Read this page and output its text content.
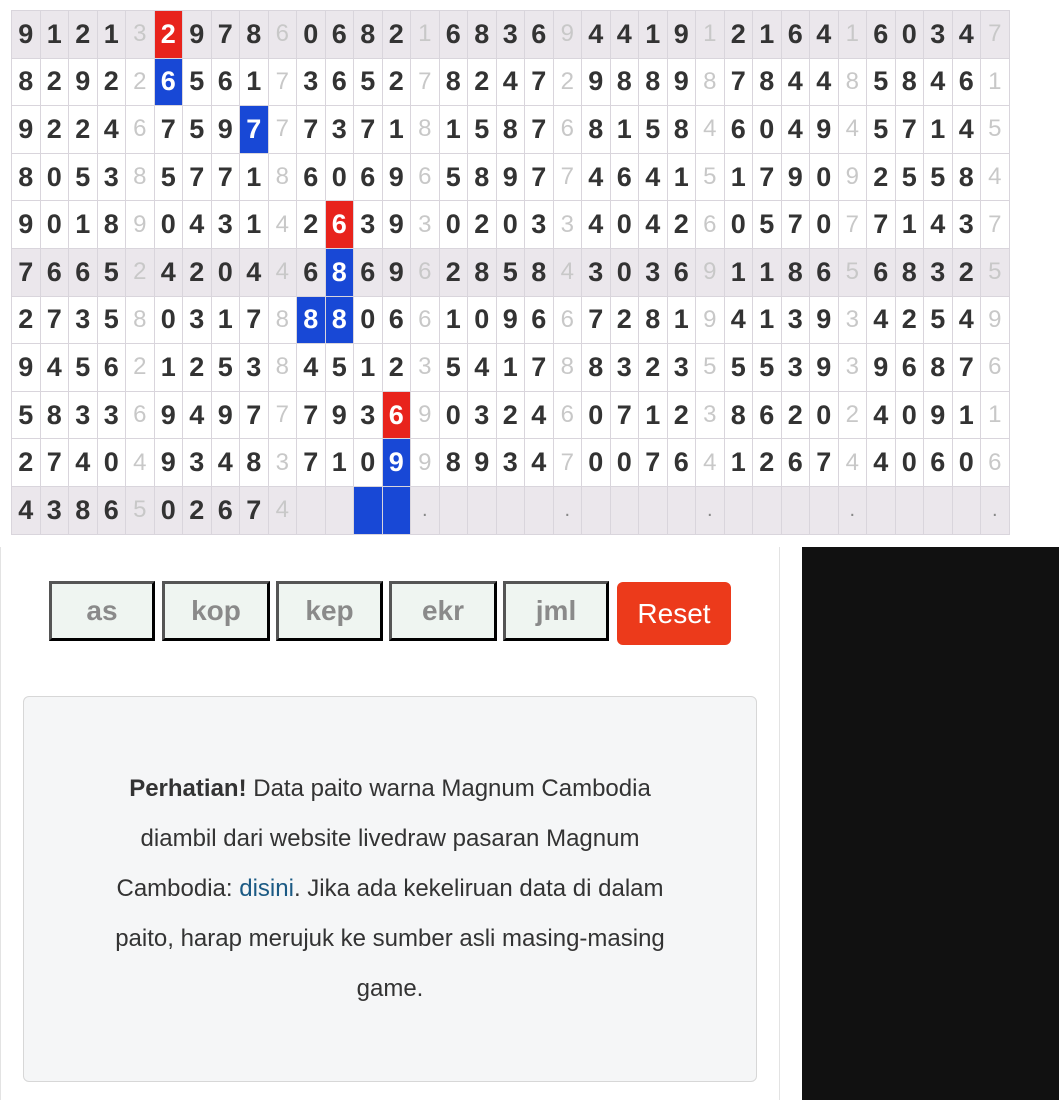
9	1	2	1	3	2	9	7	8	6	0	6	8	2	1	6	8	3	6	9	4	4	1	9	1	2	1	6	4	1	6	0	3	4	7
8	2	9	2	2	6	5	6	1	7	3	6	5	2	7	8	2	4	7	2	9	8	8	9	8	7	8	4	4	8	5	8	4	6	1
9	2	2	4	6	7	5	9	7	7	7	3	7	1	8	1	5	8	7	6	8	1	5	8	4	6	0	4	9	4	5	7	1	4	5
8	0	5	3	8	5	7	7	1	8	6	0	6	9	6	5	8	9	7	7	4	6	4	1	5	1	7	9	0	9	2	5	5	8	4
9	0	1	8	9	0	4	3	1	4	2	6	3	9	3	0	2	0	3	3	4	0	4	2	6	0	5	7	0	7	7	1	4	3	7
7	6	6	5	2	4	2	0	4	4	6	8	6	9	6	2	8	5	8	4	3	0	3	6	9	1	1	8	6	5	6	8	3	2	5
2	7	3	5	8	0	3	1	7	8	8	8	0	6	6	1	0	9	6	6	7	2	8	1	9	4	1	3	9	3	4	2	5	4	9
9	4	5	6	2	1	2	5	3	8	4	5	1	2	3	5	4	1	7	8	8	3	2	3	5	5	5	3	9	3	9	6	8	7	6
5	8	3	3	6	9	4	9	7	7	7	9	3	6	9	0	3	2	4	6	0	7	1	2	3	8	6	2	0	2	4	0	9	1	1
2	7	4	0	4	9	3	4	8	3	7	1	0	9	9	8	9	3	4	7	0	0	7	6	4	1	2	6	7	4	4	0	6	0	6
4	3	8	6	5	0	2	6	7	4					.					.					.					.					.
as	kop	kep	ekr	jml	Reset
Perhatian! Data paito warna Magnum Cambodia diambil dari website livedraw pasaran Magnum Cambodia: disini. Jika ada kekeliruan data di dalam paito, harap merujuk ke sumber asli masing-masing game.
